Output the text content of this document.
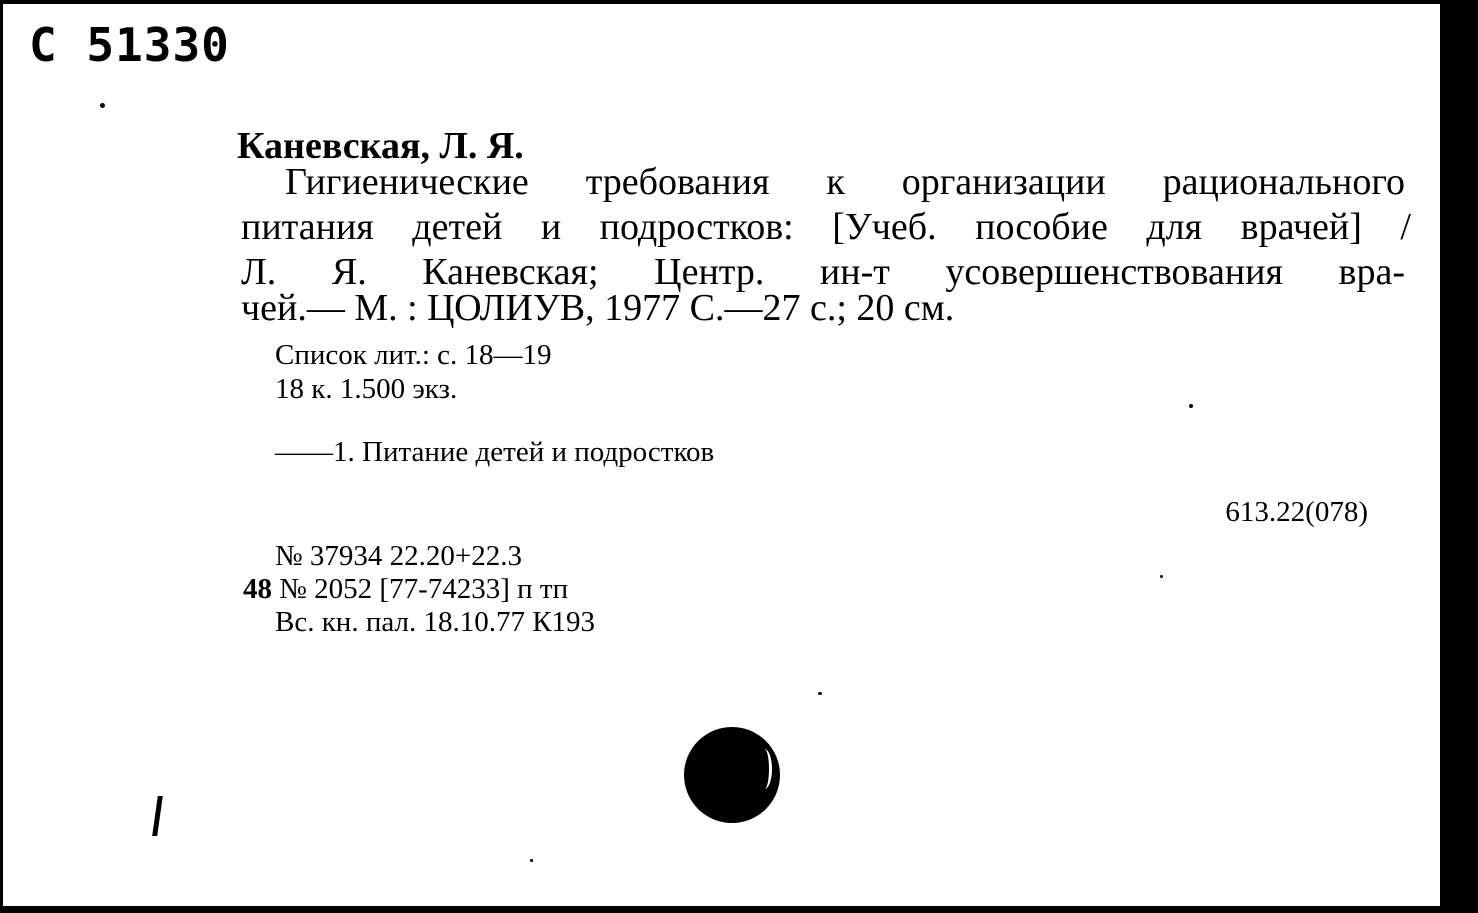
С 51330
Каневская, Л. Я.
Гигиенические требования к организации рационального
питания детей и подростков: [Учеб. пособие для врачей] /
Л. Я. Каневская; Центр. ин-т усовершенствования вра-
чей.— М. : ЦОЛИУВ, 1977 С.—27 с.; 20 см.
Список лит.: с. 18—19
18 к. 1.500 экз.
——1. Питание детей и подростков
613.22(078)
№ 37934 22.20+22.3
48 № 2052 [77-74233] п тп
Вс. кн. пал. 18.10.77 К193
